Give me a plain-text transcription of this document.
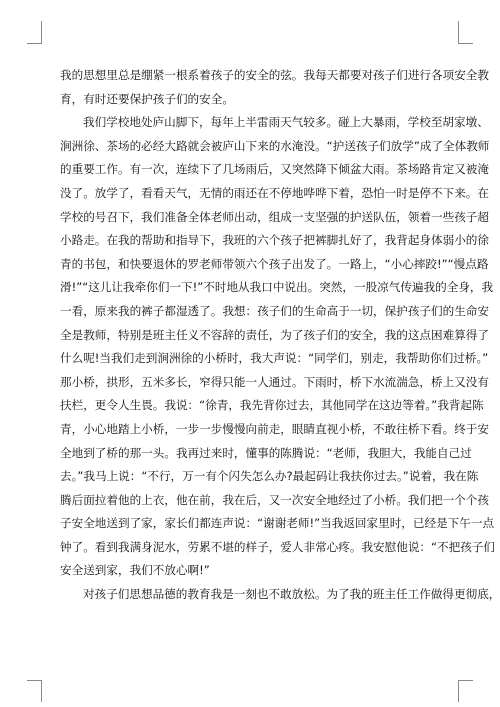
我的思想里总是绷紧一根系着孩子的安全的弦。我每天都要对孩子们进行各项安全教
育，有时还要保护孩子们的安全。
我们学校地处庐山脚下，每年上半雷雨天气较多。碰上大暴雨，学校至胡家墩、
涧洲徐、茶场的必经大路就会被庐山下来的水淹没。“护送孩子们放学”成了全体教师
的重要工作。有一次，连续下了几场雨后，又突然降下倾盆大雨。茶场路肯定又被淹
没了。放学了，看看天气，无情的雨还在不停地哗哗下着，恐怕一时是停不下来。在
学校的号召下，我们准备全体老师出动，组成一支坚强的护送队伍，领着一些孩子超
小路走。在我的帮助和指导下，我班的六个孩子把裤脚扎好了，我背起身体弱小的徐
青的书包，和快要退休的罗老师带领六个孩子出发了。一路上，“小心摔跤!”“慢点路
滑!”“这儿让我牵你们一下!”不时地从我口中说出。突然，一股凉气传遍我的全身，我
一看，原来我的裤子都湿透了。我想：孩子们的生命高于一切，保护孩子们的生命安
全是教师，特别是班主任义不容辞的责任，为了孩子们的安全，我的这点困难算得了
什么呢!当我们走到涧洲徐的小桥时，我大声说：“同学们，别走，我帮助你们过桥。”
那小桥，拱形，五米多长，窄得只能一人通过。下雨时，桥下水流湍急，桥上又没有
扶栏，更令人生畏。我说：“徐青，我先背你过去，其他同学在这边等着。”我背起陈
青，小心地踏上小桥，一步一步慢慢向前走，眼睛直视小桥，不敢往桥下看。终于安
全地到了桥的那一头。我再过来时，懂事的陈腾说：“老师，我胆大，我能自己过
去。”我马上说：“不行，万一有个闪失怎么办?最起码让我扶你过去。”说着，我在陈
腾后面拉着他的上衣，他在前，我在后，又一次安全地经过了小桥。我们把一个个孩
子安全地送到了家，家长们都连声说：“谢谢老师!”当我返回家里时，已经是下午一点
钟了。看到我满身泥水，劳累不堪的样子，爱人非常心疼。我安慰他说：“不把孩子们
安全送到家，我们不放心啊!”
对孩子们思想品德的教育我是一刻也不敢放松。为了我的班主任工作做得更彻底，
